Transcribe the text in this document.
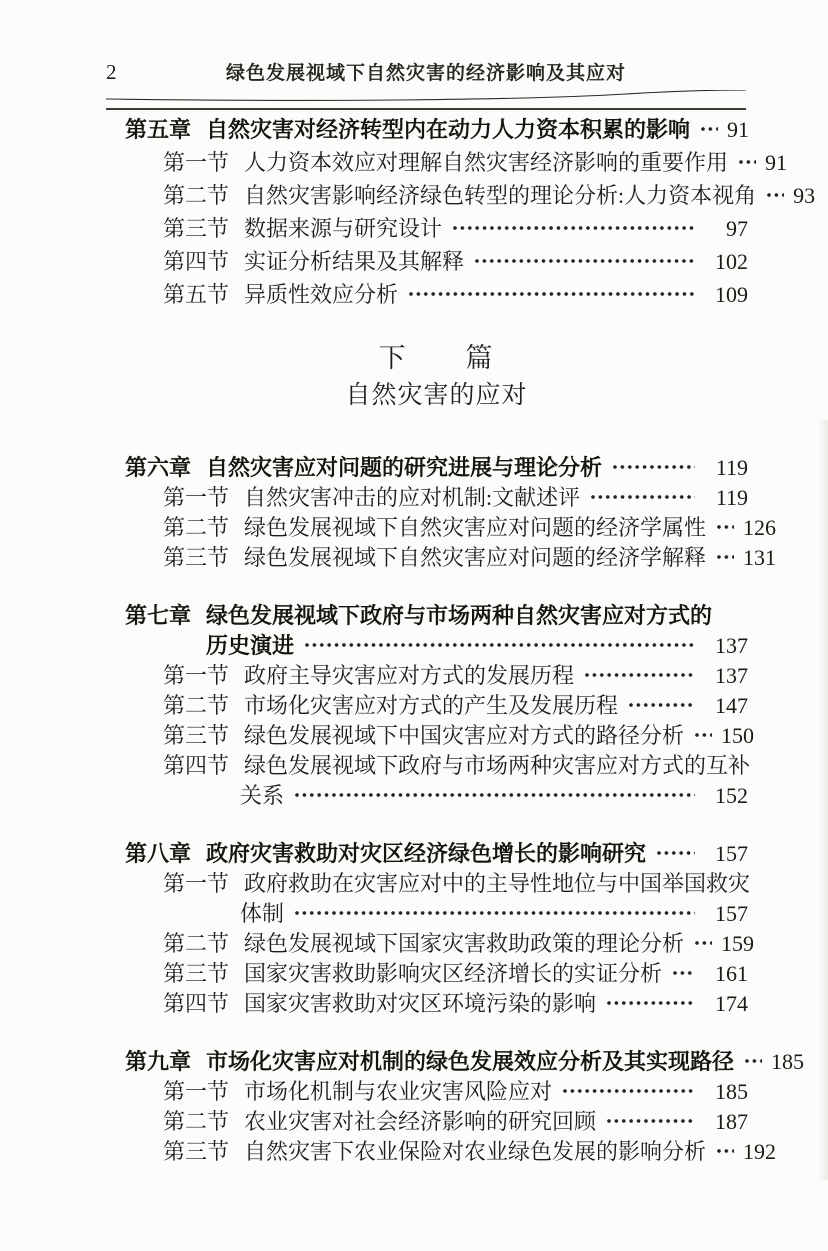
2	绿色发展视域下自然灾害的经济影响及其应对
第五章 自然灾害对经济转型内在动力人力资本积累的影响 91
第一节 人力资本效应对理解自然灾害经济影响的重要作用 91
第二节 自然灾害影响经济绿色转型的理论分析:人力资本视角 93
第三节 数据来源与研究设计	97
第四节 实证分析结果及其解释	102
第五节 异质性效应分析	109
下　　篇
自然灾害的应对
第六章 自然灾害应对问题的研究进展与理论分析	119
第一节 自然灾害冲击的应对机制:文献述评	119
第二节 绿色发展视域下自然灾害应对问题的经济学属性 126
第三节 绿色发展视域下自然灾害应对问题的经济学解释 131
第七章 绿色发展视域下政府与市场两种自然灾害应对方式的
历史演进	137
第一节 政府主导灾害应对方式的发展历程	137
第二节 市场化灾害应对方式的产生及发展历程	147
第三节 绿色发展视域下中国灾害应对方式的路径分析 150
第四节 绿色发展视域下政府与市场两种灾害应对方式的互补
关系	152
第八章 政府灾害救助对灾区经济绿色增长的影响研究	157
第一节 政府救助在灾害应对中的主导性地位与中国举国救灾
体制	157
第二节 绿色发展视域下国家灾害救助政策的理论分析 159
第三节 国家灾害救助影响灾区经济增长的实证分析	161
第四节 国家灾害救助对灾区环境污染的影响	174
第九章 市场化灾害应对机制的绿色发展效应分析及其实现路径 185
第一节 市场化机制与农业灾害风险应对	185
第二节 农业灾害对社会经济影响的研究回顾	187
第三节 自然灾害下农业保险对农业绿色发展的影响分析 192
